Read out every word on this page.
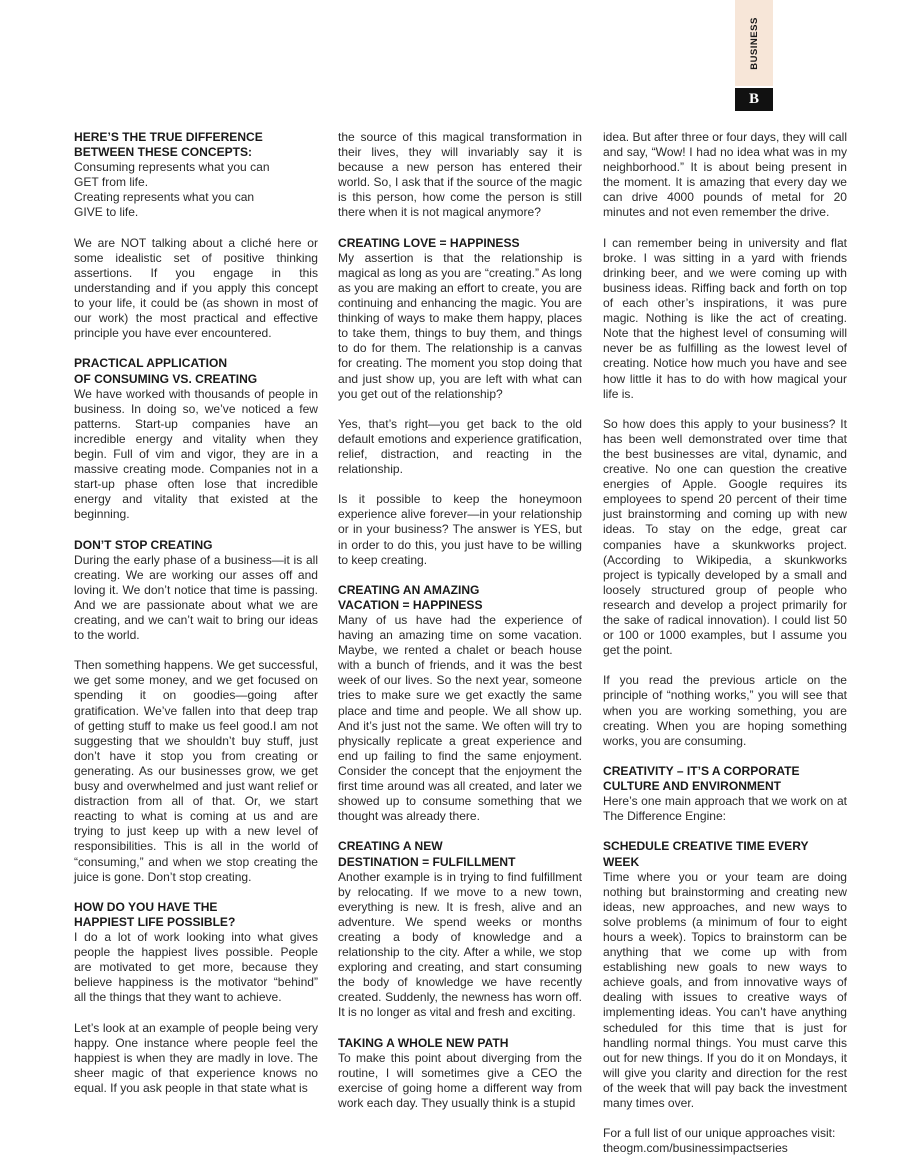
BUSINESS
B
HERE’S THE TRUE DIFFERENCE
BETWEEN THESE CONCEPTS:

Consuming represents what you can
GET from life.
Creating represents what you can
GIVE to life.

We are NOT talking about a cliché here or some idealistic set of positive thinking assertions. If you engage in this understanding and if you apply this concept to your life, it could be (as shown in most of our work) the most practical and effective principle you have ever encountered.

PRACTICAL APPLICATION
OF CONSUMING VS. CREATING

We have worked with thousands of people in business. In doing so, we’ve noticed a few patterns. Start-up companies have an incredible energy and vitality when they begin. Full of vim and vigor, they are in a massive creating mode. Companies not in a start-up phase often lose that incredible energy and vitality that existed at the beginning.

DON’T STOP CREATING

During the early phase of a business—it is all creating. We are working our asses off and loving it. We don’t notice that time is passing. And we are passionate about what we are creating, and we can’t wait to bring our ideas to the world.

Then something happens. We get successful, we get some money, and we get focused on spending it on goodies—going after gratification. We’ve fallen into that deep trap of getting stuff to make us feel good.I am not suggesting that we shouldn’t buy stuff, just don’t have it stop you from creating or generating. As our businesses grow, we get busy and overwhelmed and just want relief or distraction from all of that. Or, we start reacting to what is coming at us and are trying to just keep up with a new level of responsibilities. This is all in the world of “consuming,” and when we stop creating the juice is gone. Don’t stop creating.

HOW DO YOU HAVE THE
HAPPIEST LIFE POSSIBLE?

I do a lot of work looking into what gives people the happiest lives possible. People are motivated to get more, because they believe happiness is the motivator “behind” all the things that they want to achieve.

Let’s look at an example of people being very happy. One instance where people feel the happiest is when they are madly in love. The sheer magic of that experience knows no equal. If you ask people in that state what is

the source of this magical transformation in their lives, they will invariably say it is because a new person has entered their world. So, I ask that if the source of the magic is this person, how come the person is still there when it is not magical anymore?

CREATING LOVE = HAPPINESS

My assertion is that the relationship is magical as long as you are “creating.” As long as you are making an effort to create, you are continuing and enhancing the magic. You are thinking of ways to make them happy, places to take them, things to buy them, and things to do for them. The relationship is a canvas for creating. The moment you stop doing that and just show up, you are left with what can you get out of the relationship?

Yes, that’s right—you get back to the old default emotions and experience gratification, relief, distraction, and reacting in the relationship.

Is it possible to keep the honeymoon experience alive forever—in your relationship or in your business? The answer is YES, but in order to do this, you just have to be willing to keep creating.

CREATING AN AMAZING
VACATION = HAPPINESS

Many of us have had the experience of having an amazing time on some vacation. Maybe, we rented a chalet or beach house with a bunch of friends, and it was the best week of our lives. So the next year, someone tries to make sure we get exactly the same place and time and people. We all show up. And it’s just not the same. We often will try to physically replicate a great experience and end up failing to find the same enjoyment. Consider the concept that the enjoyment the first time around was all created, and later we showed up to consume something that we thought was already there.

CREATING A NEW
DESTINATION = FULFILLMENT

Another example is in trying to find fulfillment by relocating. If we move to a new town, everything is new. It is fresh, alive and an adventure. We spend weeks or months creating a body of knowledge and a relationship to the city. After a while, we stop exploring and creating, and start consuming the body of knowledge we have recently created. Suddenly, the newness has worn off. It is no longer as vital and fresh and exciting.

TAKING A WHOLE NEW PATH

To make this point about diverging from the routine, I will sometimes give a CEO the exercise of going home a different way from work each day. They usually think is a stupid

idea. But after three or four days, they will call and say, “Wow! I had no idea what was in my neighborhood.” It is about being present in the moment. It is amazing that every day we can drive 4000 pounds of metal for 20 minutes and not even remember the drive.

I can remember being in university and flat broke. I was sitting in a yard with friends drinking beer, and we were coming up with business ideas. Riffing back and forth on top of each other’s inspirations, it was pure magic. Nothing is like the act of creating. Note that the highest level of consuming will never be as fulfilling as the lowest level of creating. Notice how much you have and see how little it has to do with how magical your life is.

So how does this apply to your business? It has been well demonstrated over time that the best businesses are vital, dynamic, and creative. No one can question the creative energies of Apple. Google requires its employees to spend 20 percent of their time just brainstorming and coming up with new ideas. To stay on the edge, great car companies have a skunkworks project. (According to Wikipedia, a skunkworks project is typically developed by a small and loosely structured group of people who research and develop a project primarily for the sake of radical innovation). I could list 50 or 100 or 1000 examples, but I assume you get the point.

If you read the previous article on the principle of “nothing works,” you will see that when you are working something, you are creating. When you are hoping something works, you are consuming.

CREATIVITY – IT’S A CORPORATE
CULTURE AND ENVIRONMENT

Here’s one main approach that we work on at The Difference Engine:

SCHEDULE CREATIVE TIME EVERY WEEK

Time where you or your team are doing nothing but brainstorming and creating new ideas, new approaches, and new ways to solve problems (a minimum of four to eight hours a week). Topics to brainstorm can be anything that we come up with from establishing new goals to new ways to achieve goals, and from innovative ways of dealing with issues to creative ways of implementing ideas. You can’t have anything scheduled for this time that is just for handling normal things. You must carve this out for new things. If you do it on Mondays, it will give you clarity and direction for the rest of the week that will pay back the investment many times over.

For a full list of our unique approaches visit:
theogm.com/businessimpactseries
